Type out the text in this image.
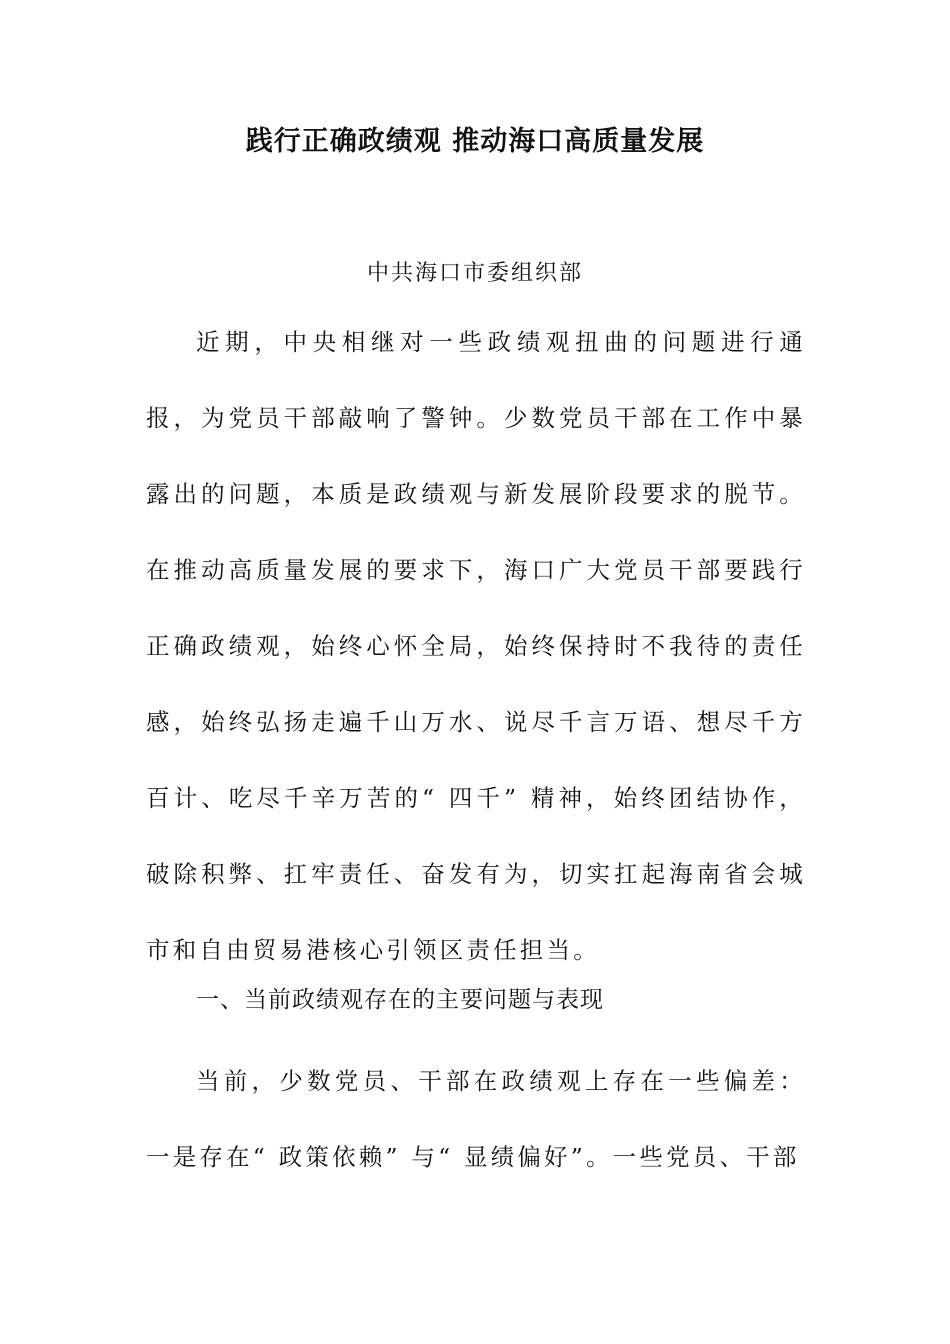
践行正确政绩观 推动海口高质量发展

中共海口市委组织部

近期，中央相继对一些政绩观扭曲的问题进行通报，为党员干部敲响了警钟。少数党员干部在工作中暴露出的问题，本质是政绩观与新发展阶段要求的脱节。在推动高质量发展的要求下，海口广大党员干部要践行正确政绩观，始终心怀全局，始终保持时不我待的责任感，始终弘扬走遍千山万水、说尽千言万语、想尽千方百计、吃尽千辛万苦的“ 四千” 精神，始终团结协作，破除积弊、扛牢责任、奋发有为，切实扛起海南省会城市和自由贸易港核心引领区责任担当。

一、当前政绩观存在的主要问题与表现

当前，少数党员、干部在政绩观上存在一些偏差：一是存在“ 政策依赖” 与“ 显绩偏好”。一些党员、干部
